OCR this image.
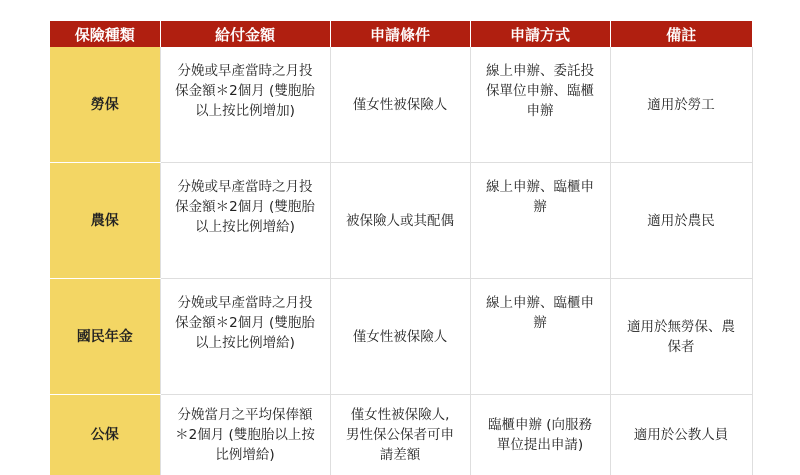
保險種類	給付金額	申請條件	申請方式	備註
勞保	分娩或早產當時之月投
保金額＊2個月 (雙胞胎
以上按比例增加)	僅女性被保險人	線上申辦、委託投
保單位申辦、臨櫃
申辦	適用於勞工
農保	分娩或早產當時之月投
保金額＊2個月 (雙胞胎
以上按比例增給)	被保險人或其配偶	線上申辦、臨櫃申
辦	適用於農民
國民年金	分娩或早產當時之月投
保金額＊2個月 (雙胞胎
以上按比例增給)	僅女性被保險人	線上申辦、臨櫃申
辦	適用於無勞保、農
保者
公保	分娩當月之平均保俸額
＊2個月 (雙胞胎以上按
比例增給)	僅女性被保險人,
男性保公保者可申
請差額	臨櫃申辦 (向服務
單位提出申請)	適用於公教人員
